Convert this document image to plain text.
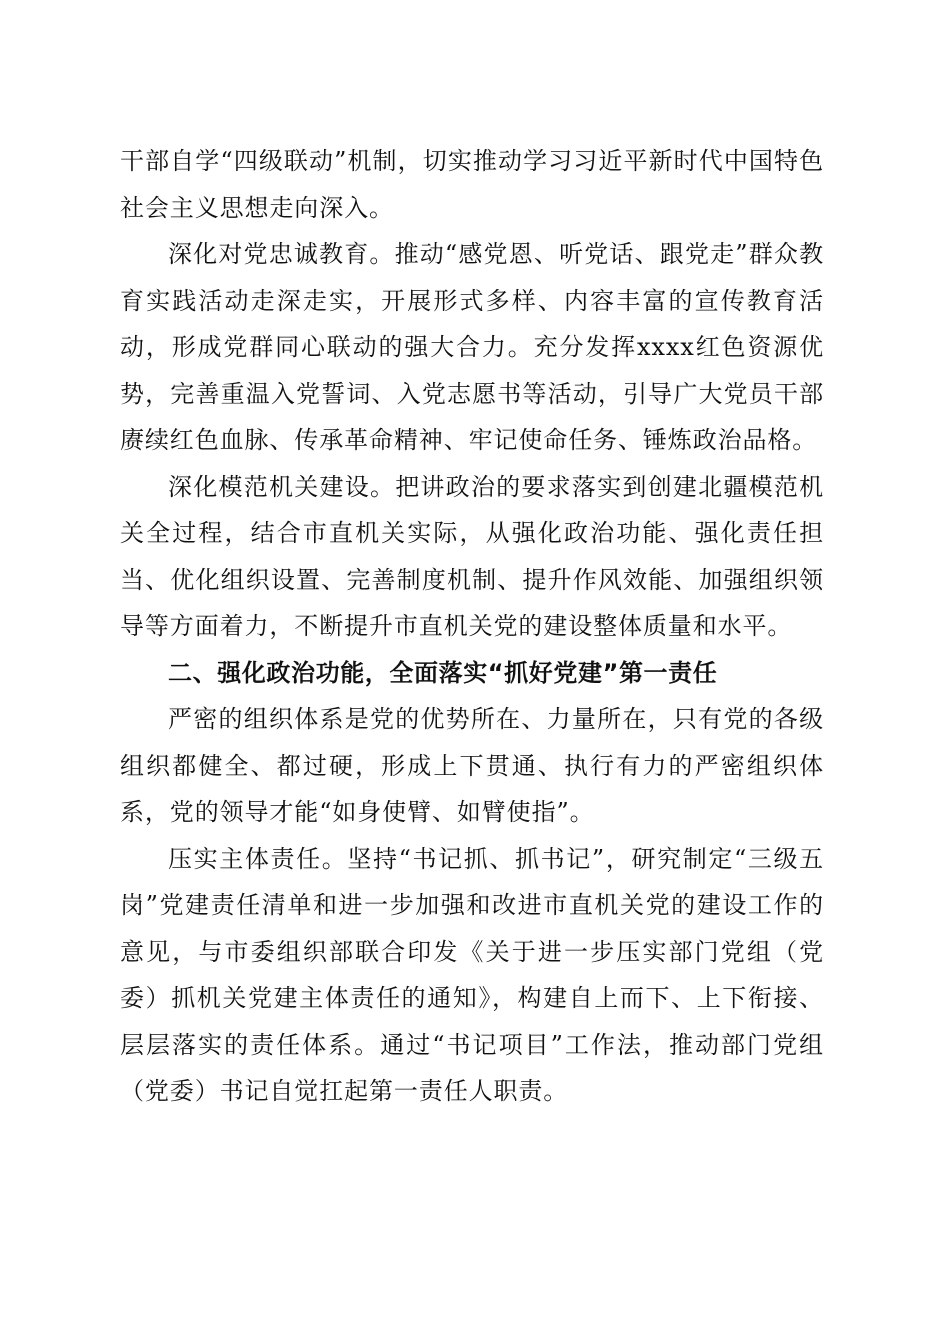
干部自学“四级联动”机制，切实推动学习习近平新时代中国特色社会主义思想走向深入。

深化对党忠诚教育。推动“感党恩、听党话、跟党走”群众教育实践活动走深走实，开展形式多样、内容丰富的宣传教育活动，形成党群同心联动的强大合力。充分发挥xxxx红色资源优势，完善重温入党誓词、入党志愿书等活动，引导广大党员干部赓续红色血脉、传承革命精神、牢记使命任务、锤炼政治品格。

深化模范机关建设。把讲政治的要求落实到创建北疆模范机关全过程，结合市直机关实际，从强化政治功能、强化责任担当、优化组织设置、完善制度机制、提升作风效能、加强组织领导等方面着力，不断提升市直机关党的建设整体质量和水平。

二、强化政治功能，全面落实“抓好党建”第一责任

严密的组织体系是党的优势所在、力量所在，只有党的各级组织都健全、都过硬，形成上下贯通、执行有力的严密组织体系，党的领导才能“如身使臂、如臂使指”。

压实主体责任。坚持“书记抓、抓书记”，研究制定“三级五岗”党建责任清单和进一步加强和改进市直机关党的建设工作的意见，与市委组织部联合印发《关于进一步压实部门党组（党委）抓机关党建主体责任的通知》，构建自上而下、上下衔接、层层落实的责任体系。通过“书记项目”工作法，推动部门党组（党委）书记自觉扛起第一责任人职责。
